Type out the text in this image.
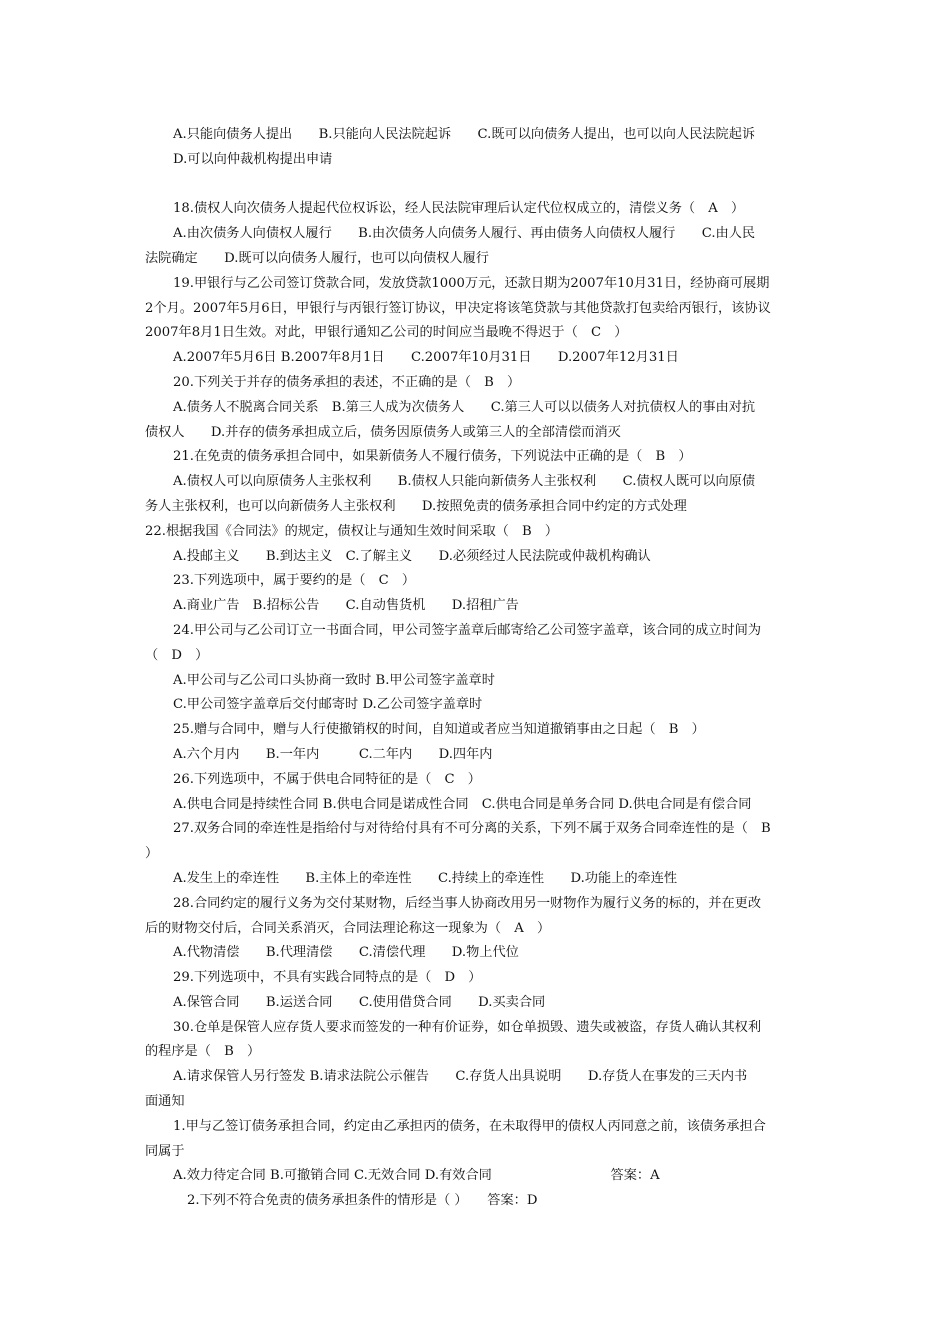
A.只能向债务人提出　　B.只能向人民法院起诉　　C.既可以向债务人提出，也可以向人民法院起诉
D.可以向仲裁机构提出申请
18.债权人向次债务人提起代位权诉讼，经人民法院审理后认定代位权成立的，清偿义务（　A　）
A.由次债务人向债权人履行　　B.由次债务人向债务人履行、再由债务人向债权人履行　　C.由人民
法院确定　　D.既可以向债务人履行，也可以向债权人履行
19.甲银行与乙公司签订贷款合同，发放贷款1000万元，还款日期为2007年10月31日，经协商可展期
2个月。2007年5月6日，甲银行与丙银行签订协议，甲决定将该笔贷款与其他贷款打包卖给丙银行，该协议
2007年8月1日生效。对此，甲银行通知乙公司的时间应当最晚不得迟于（　C　）
A.2007年5月6日 B.2007年8月1日　　C.2007年10月31日　　D.2007年12月31日
20.下列关于并存的债务承担的表述，不正确的是（　B　）
A.债务人不脱离合同关系　B.第三人成为次债务人　　C.第三人可以以债务人对抗债权人的事由对抗
债权人　　D.并存的债务承担成立后，债务因原债务人或第三人的全部清偿而消灭
21.在免责的债务承担合同中，如果新债务人不履行债务，下列说法中正确的是（　B　）
A.债权人可以向原债务人主张权利　　B.债权人只能向新债务人主张权利　　C.债权人既可以向原债
务人主张权利，也可以向新债务人主张权利　　D.按照免责的债务承担合同中约定的方式处理
22.根据我国《合同法》的规定，债权让与通知生效时间采取（　B　）
A.投邮主义　　B.到达主义　C.了解主义　　D.必须经过人民法院或仲裁机构确认
23.下列选项中，属于要约的是（　C　）
A.商业广告　B.招标公告　　C.自动售货机　　D.招租广告
24.甲公司与乙公司订立一书面合同，甲公司签字盖章后邮寄给乙公司签字盖章，该合同的成立时间为
（　D　）
A.甲公司与乙公司口头协商一致时 B.甲公司签字盖章时
C.甲公司签字盖章后交付邮寄时 D.乙公司签字盖章时
25.赠与合同中，赠与人行使撤销权的时间，自知道或者应当知道撤销事由之日起（　B　）
A.六个月内　　B.一年内　　　C.二年内　　D.四年内
26.下列选项中，不属于供电合同特征的是（　C　）
A.供电合同是持续性合同 B.供电合同是诺成性合同　C.供电合同是单务合同 D.供电合同是有偿合同
27.双务合同的牵连性是指给付与对待给付具有不可分离的关系，下列不属于双务合同牵连性的是（　B
）
A.发生上的牵连性　　B.主体上的牵连性　　C.持续上的牵连性　　D.功能上的牵连性
28.合同约定的履行义务为交付某财物，后经当事人协商改用另一财物作为履行义务的标的，并在更改
后的财物交付后，合同关系消灭，合同法理论称这一现象为（　A　）
A.代物清偿　　B.代理清偿　　C.清偿代理　　D.物上代位
29.下列选项中，不具有实践合同特点的是（　D　）
A.保管合同　　B.运送合同　　C.使用借贷合同　　D.买卖合同
30.仓单是保管人应存货人要求而签发的一种有价证券，如仓单损毁、遗失或被盗，存货人确认其权利
的程序是（　B　）
A.请求保管人另行签发 B.请求法院公示催告　　C.存货人出具说明　　D.存货人在事发的三天内书
面通知
1.甲与乙签订债务承担合同，约定由乙承担丙的债务，在未取得甲的债权人丙同意之前，该债务承担合
同属于
A.效力待定合同 B.可撤销合同 C.无效合同 D.有效合同　　　　　　　　　答案：A
2.下列不符合免责的债务承担条件的情形是（ ）　　答案：D
